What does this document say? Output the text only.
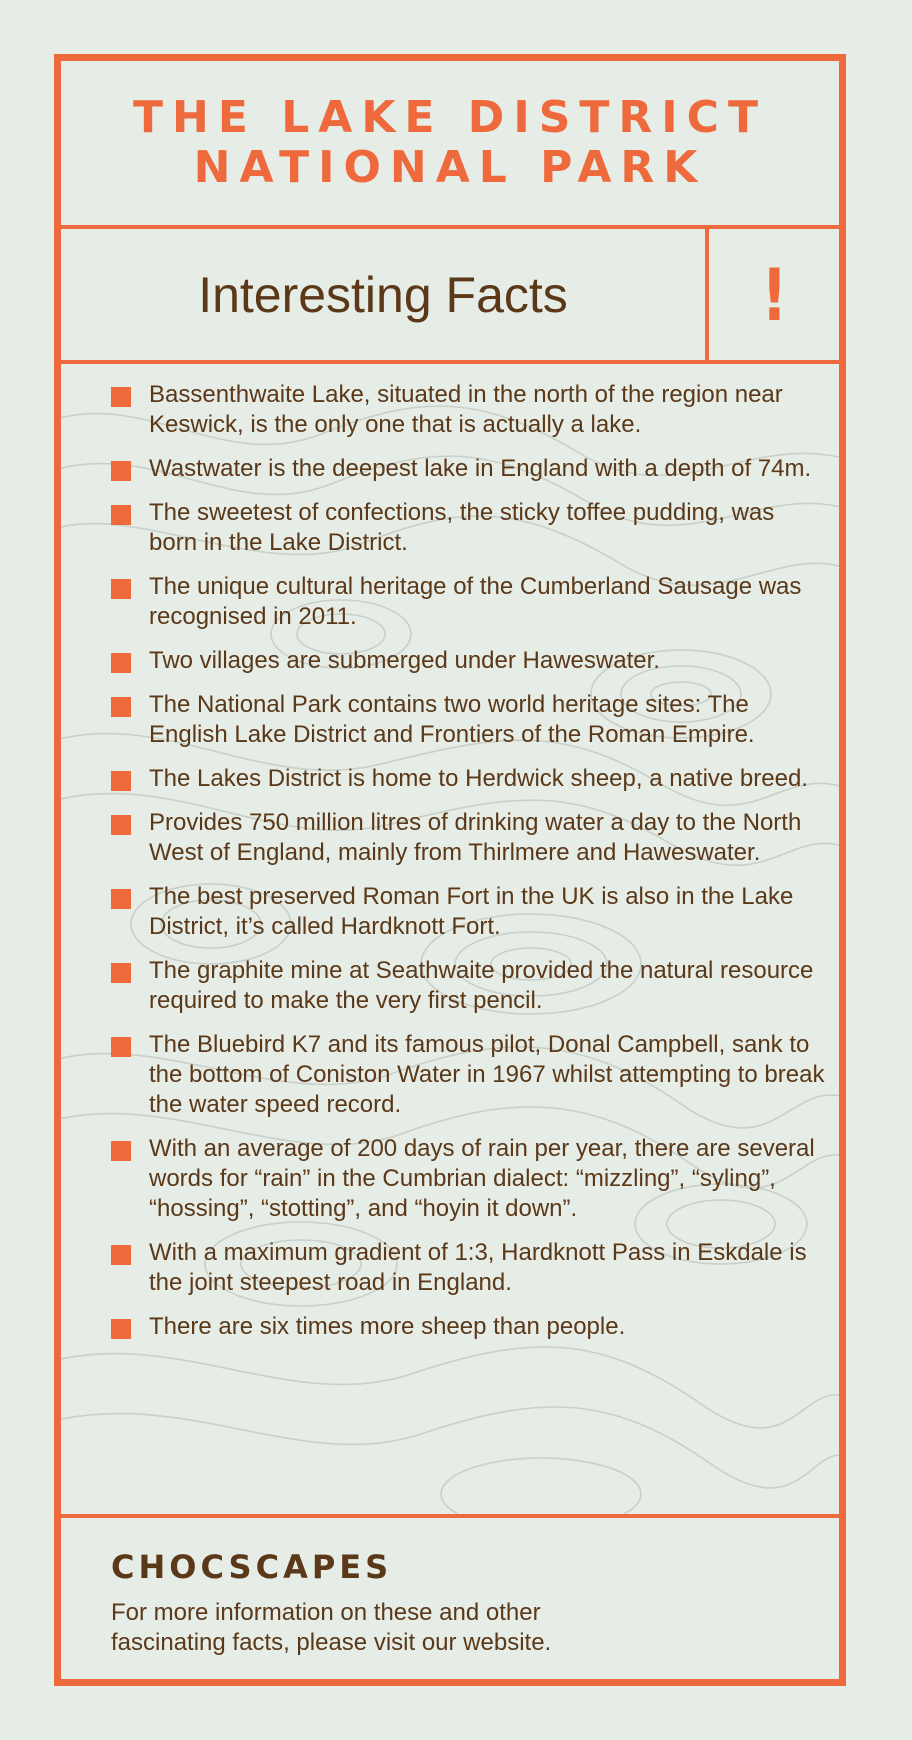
THE LAKE DISTRICT
NATIONAL PARK
Interesting Facts	!
Bassenthwaite Lake, situated in the north of the region near Keswick, is the only one that is actually a lake.
Wastwater is the deepest lake in England with a depth of 74m.
The sweetest of confections, the sticky toffee pudding, was born in the Lake District.
The unique cultural heritage of the Cumberland Sausage was recognised in 2011.
Two villages are submerged under Haweswater.
The National Park contains two world heritage sites: The English Lake District and Frontiers of the Roman Empire.
The Lakes District is home to Herdwick sheep, a native breed.
Provides 750 million litres of drinking water a day to the North West of England, mainly from Thirlmere and Haweswater.
The best preserved Roman Fort in the UK is also in the Lake District, it’s called Hardknott Fort.
The graphite mine at Seathwaite provided the natural resource required to make the very first pencil.
The Bluebird K7 and its famous pilot, Donal Campbell, sank to the bottom of Coniston Water in 1967 whilst attempting to break the water speed record.
With an average of 200 days of rain per year, there are several words for “rain” in the Cumbrian dialect: “mizzling”, “syling”, “hossing”, “stotting”, and “hoyin it down”.
With a maximum gradient of 1:3, Hardknott Pass in Eskdale is the joint steepest road in England.
There are six times more sheep than people.
CHOCSCAPES
For more information on these and other fascinating facts, please visit our website.
